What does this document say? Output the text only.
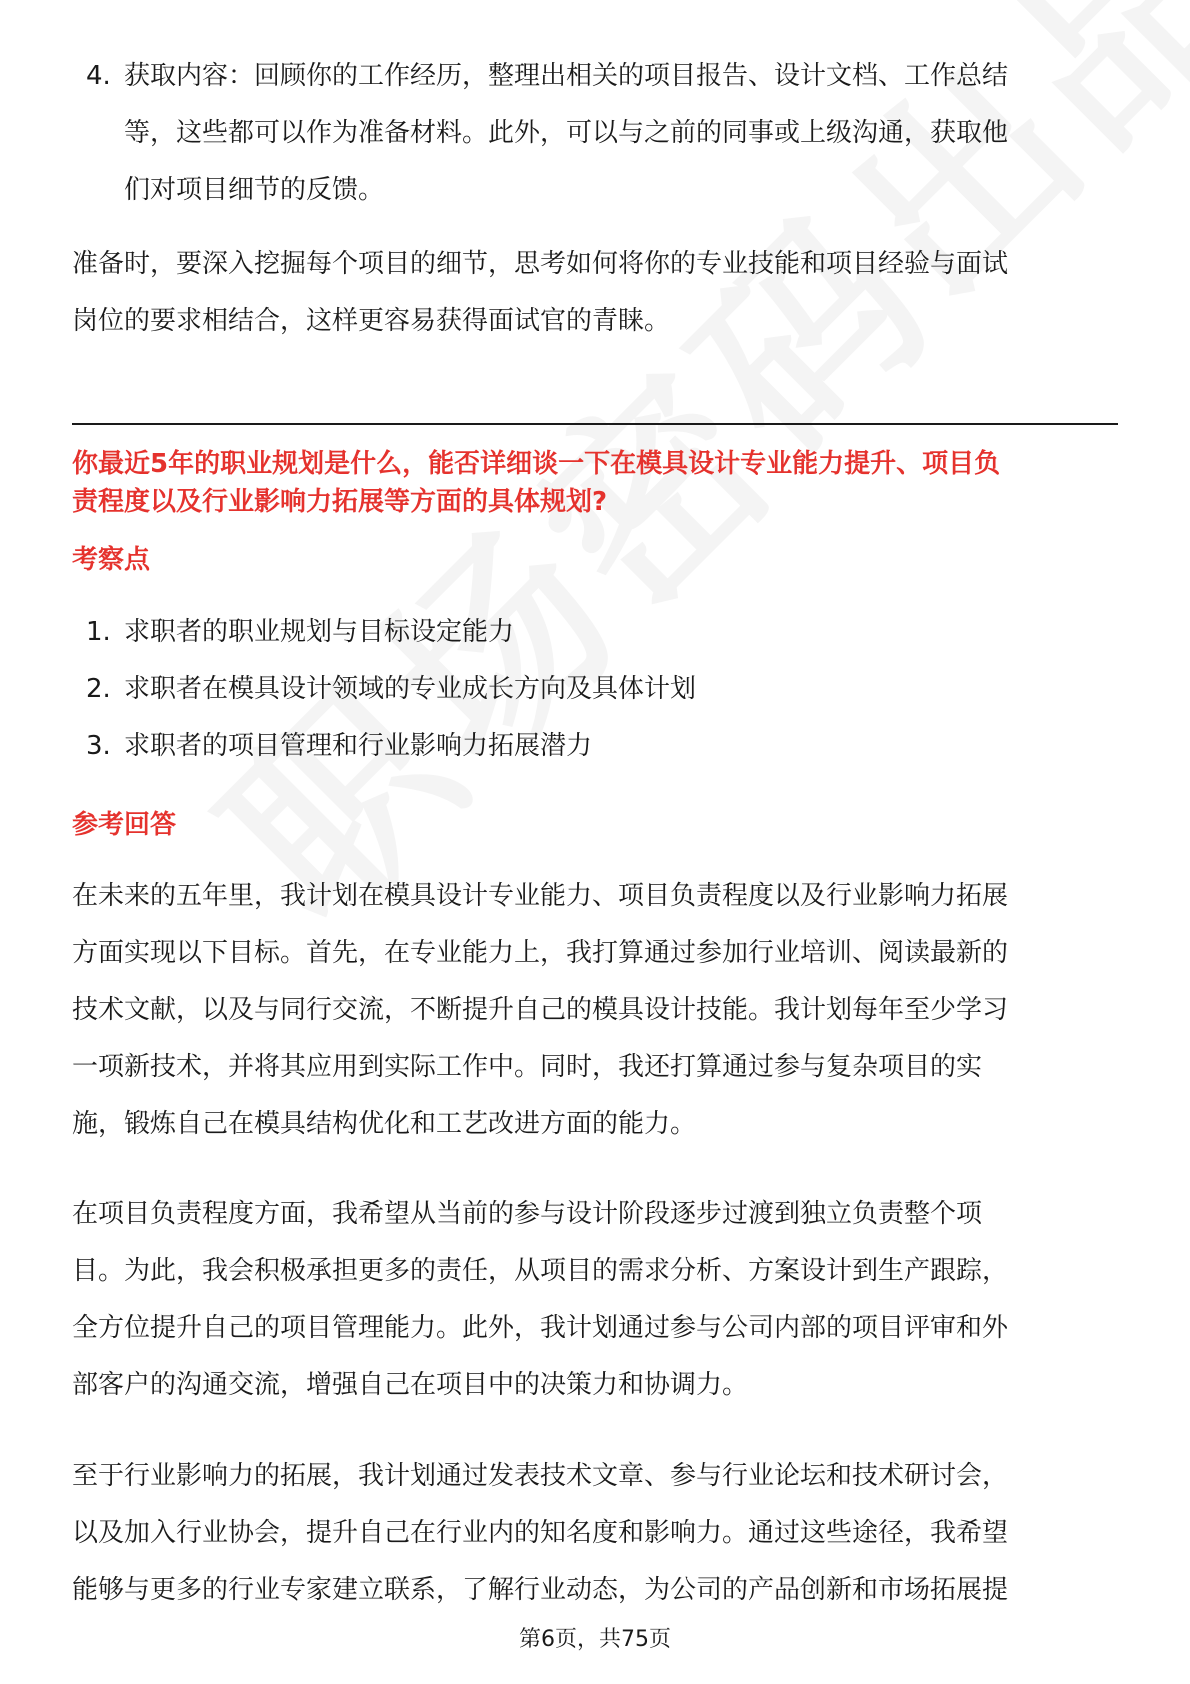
4. 获取内容：回顾你的工作经历，整理出相关的项目报告、设计文档、工作总结
等，这些都可以作为准备材料。此外，可以与之前的同事或上级沟通，获取他
们对项目细节的反馈。
准备时，要深入挖掘每个项目的细节，思考如何将你的专业技能和项目经验与面试
岗位的要求相结合，这样更容易获得面试官的青睐。
你最近5年的职业规划是什么，能否详细谈一下在模具设计专业能力提升、项目负
责程度以及行业影响力拓展等方面的具体规划?
考察点
1. 求职者的职业规划与目标设定能力
2. 求职者在模具设计领域的专业成长方向及具体计划
3. 求职者的项目管理和行业影响力拓展潜力
参考回答
在未来的五年里，我计划在模具设计专业能力、项目负责程度以及行业影响力拓展
方面实现以下目标。首先，在专业能力上，我打算通过参加行业培训、阅读最新的
技术文献，以及与同行交流，不断提升自己的模具设计技能。我计划每年至少学习
一项新技术，并将其应用到实际工作中。同时，我还打算通过参与复杂项目的实
施，锻炼自己在模具结构优化和工艺改进方面的能力。
在项目负责程度方面，我希望从当前的参与设计阶段逐步过渡到独立负责整个项
目。为此，我会积极承担更多的责任，从项目的需求分析、方案设计到生产跟踪，
全方位提升自己的项目管理能力。此外，我计划通过参与公司内部的项目评审和外
部客户的沟通交流，增强自己在项目中的决策力和协调力。
至于行业影响力的拓展，我计划通过发表技术文章、参与行业论坛和技术研讨会，
以及加入行业协会，提升自己在行业内的知名度和影响力。通过这些途径，我希望
能够与更多的行业专家建立联系，了解行业动态，为公司的产品创新和市场拓展提
第6页，共75页
